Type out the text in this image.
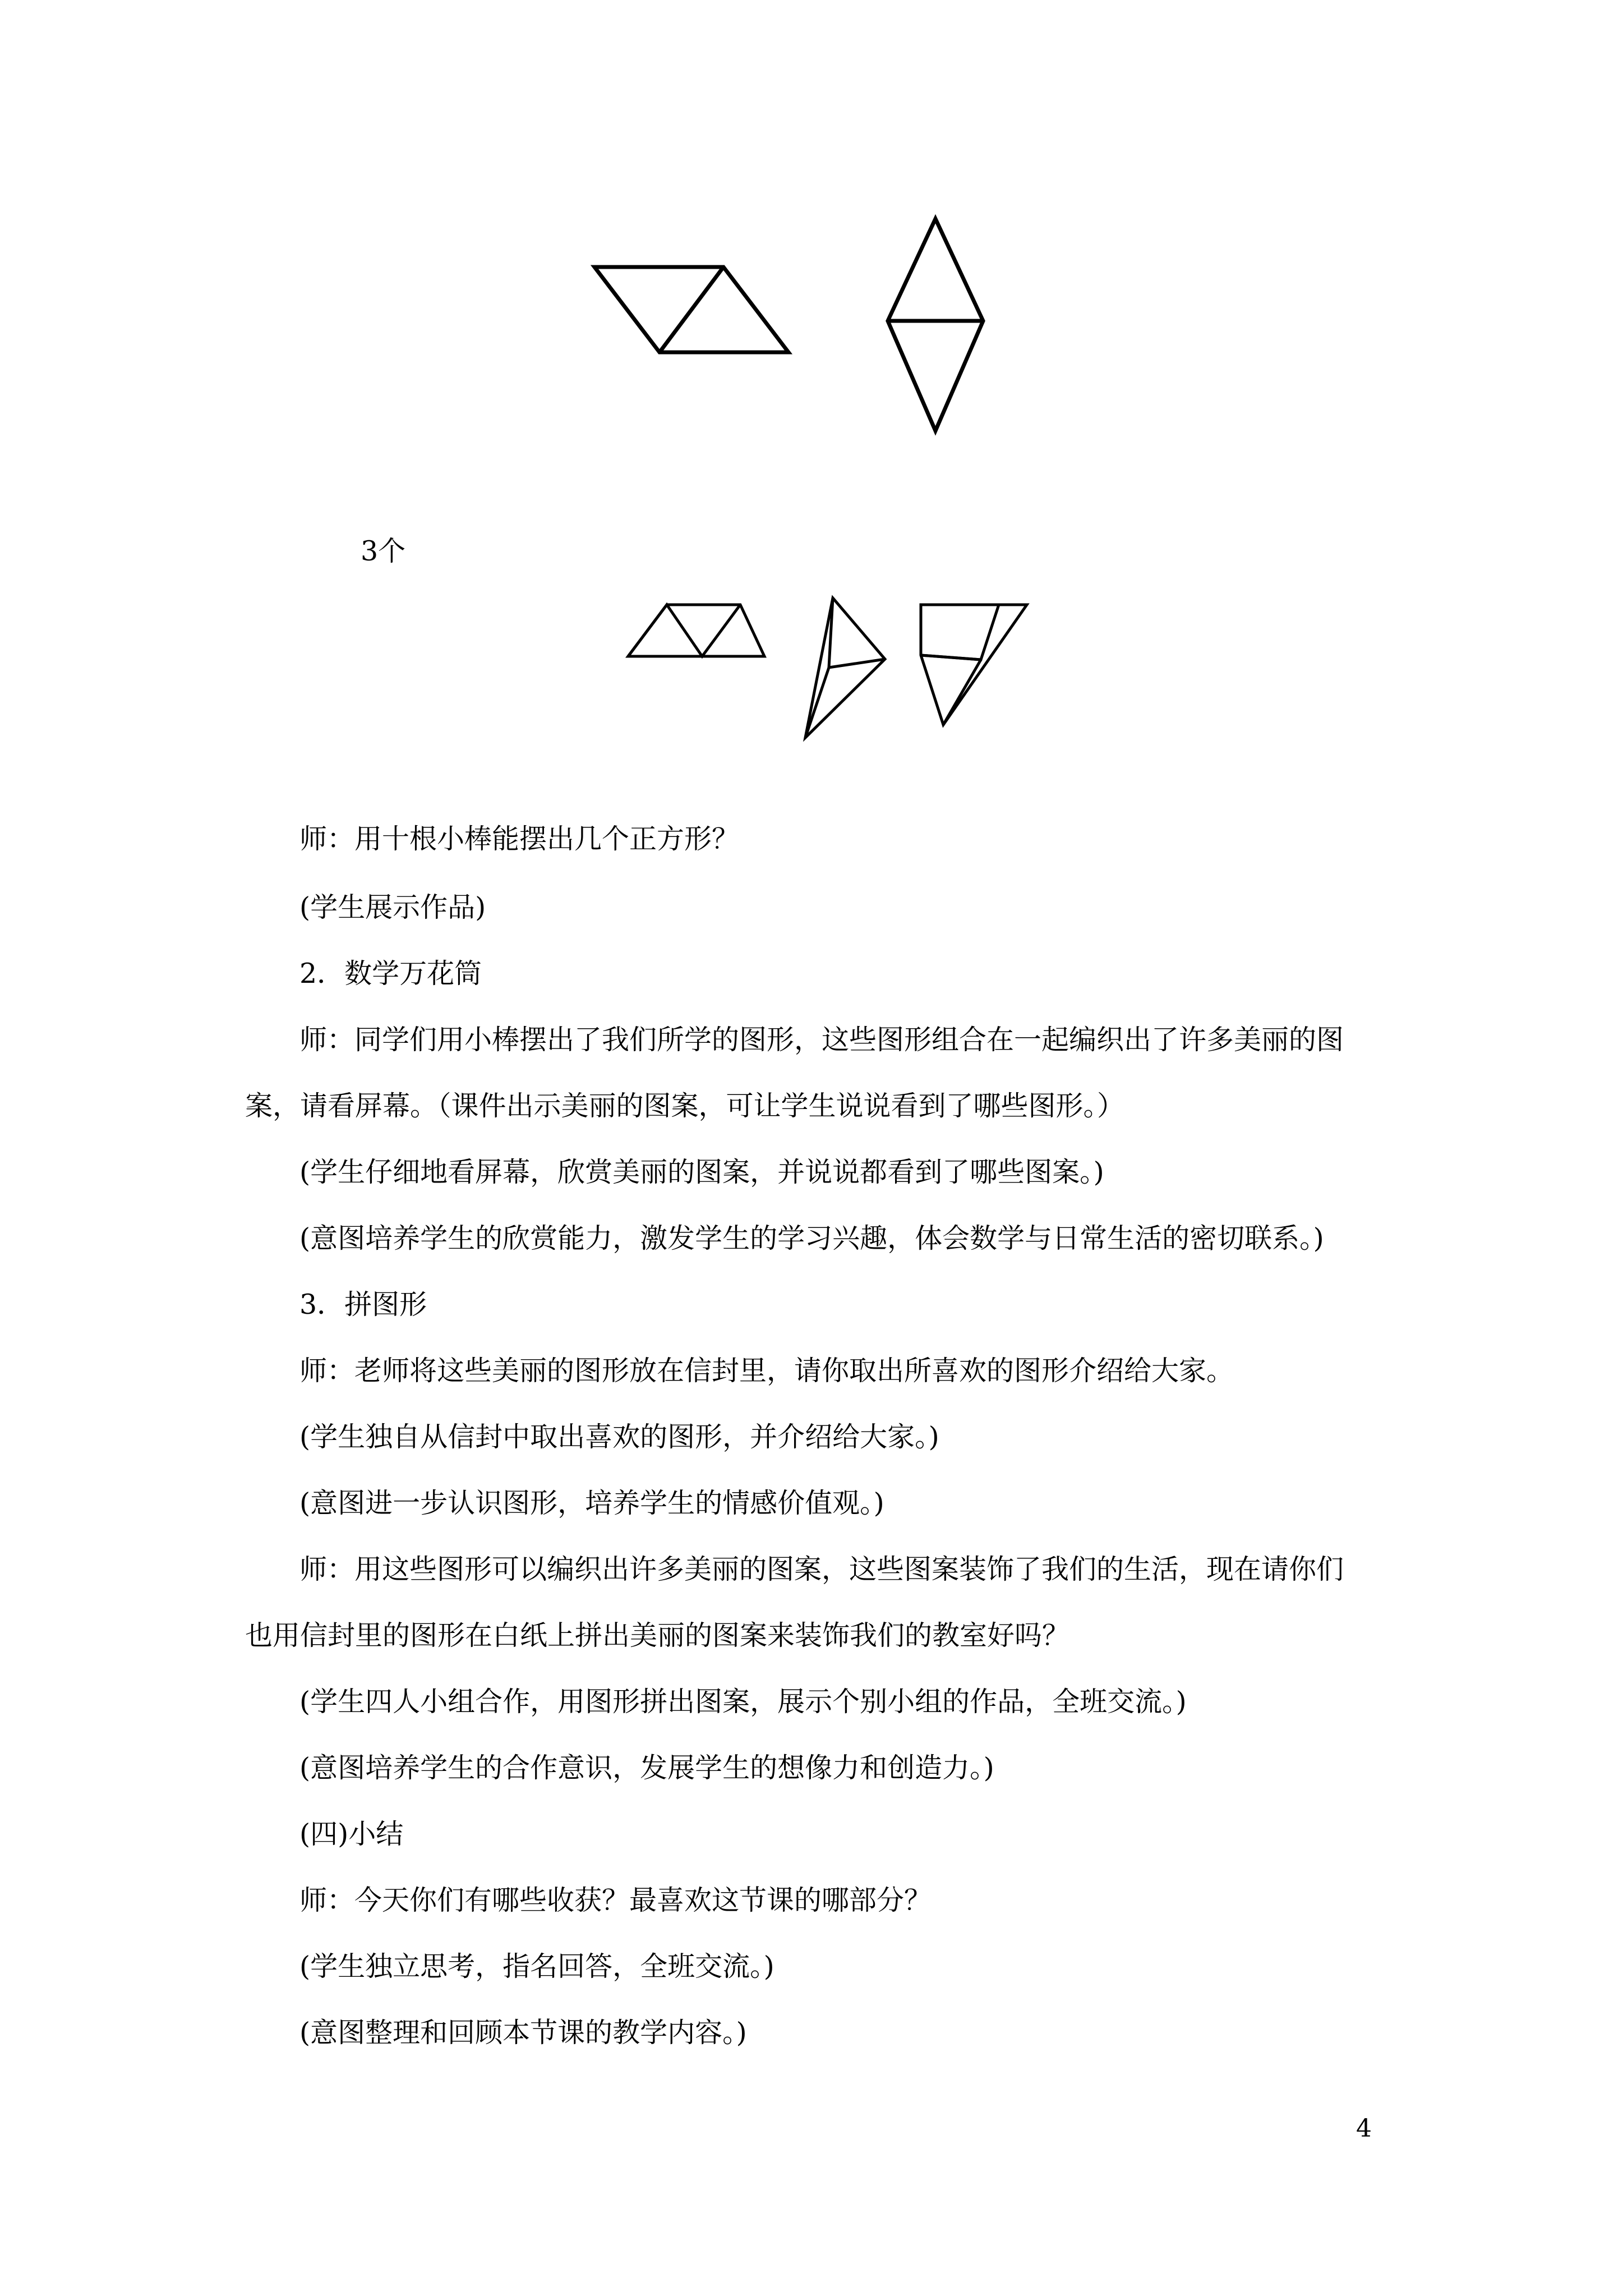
3个
师：用十根小棒能摆出几个正方形？
(学生展示作品)
2．数学万花筒
师：同学们用小棒摆出了我们所学的图形，这些图形组合在一起编织出了许多美丽的图
案，请看屏幕。（课件出示美丽的图案，可让学生说说看到了哪些图形。）
(学生仔细地看屏幕，欣赏美丽的图案，并说说都看到了哪些图案。)
(意图培养学生的欣赏能力，激发学生的学习兴趣，体会数学与日常生活的密切联系。)
3．拼图形
师：老师将这些美丽的图形放在信封里，请你取出所喜欢的图形介绍给大家。
(学生独自从信封中取出喜欢的图形，并介绍给大家。)
(意图进一步认识图形，培养学生的情感价值观。)
师：用这些图形可以编织出许多美丽的图案，这些图案装饰了我们的生活，现在请你们
也用信封里的图形在白纸上拼出美丽的图案来装饰我们的教室好吗？
(学生四人小组合作，用图形拼出图案，展示个别小组的作品，全班交流。)
(意图培养学生的合作意识，发展学生的想像力和创造力。)
(四)小结
师：今天你们有哪些收获？最喜欢这节课的哪部分？
(学生独立思考，指名回答，全班交流。)
(意图整理和回顾本节课的教学内容。)
4
